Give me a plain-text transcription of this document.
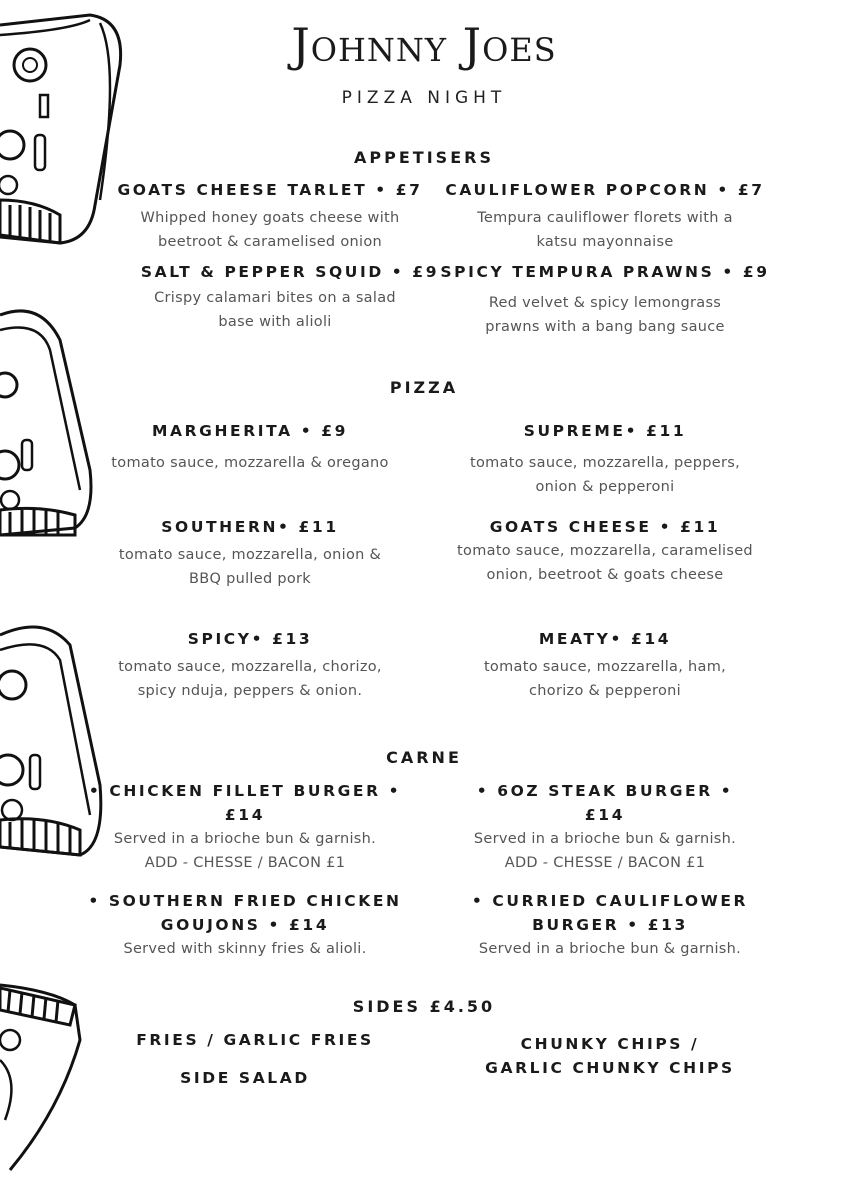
Johnny Joes
PIZZA NIGHT
APPETISERS
GOATS CHEESE TARLET • £7
Whipped honey goats cheese with
beetroot & caramelised onion
CAULIFLOWER POPCORN • £7
Tempura cauliflower florets with a
katsu mayonnaise
SALT & PEPPER SQUID • £9
Crispy calamari bites on a salad
base with alioli
SPICY TEMPURA PRAWNS • £9
Red velvet & spicy lemongrass
prawns with a bang bang sauce
PIZZA
MARGHERITA • £9
tomato sauce, mozzarella & oregano
SUPREME• £11
tomato sauce, mozzarella, peppers,
onion & pepperoni
SOUTHERN• £11
tomato sauce, mozzarella, onion &
BBQ pulled pork
GOATS CHEESE • £11
tomato sauce, mozzarella, caramelised
onion, beetroot & goats cheese
SPICY• £13
tomato sauce, mozzarella, chorizo,
spicy nduja, peppers & onion.
MEATY• £14
tomato sauce, mozzarella, ham,
chorizo & pepperoni
CARNE
• CHICKEN FILLET BURGER •
£14
Served in a brioche bun & garnish.
ADD - CHESSE / BACON £1
• 6OZ STEAK BURGER •
£14
Served in a brioche bun & garnish.
ADD - CHESSE / BACON £1
• SOUTHERN FRIED CHICKEN
GOUJONS • £14
Served with skinny fries & alioli.
• CURRIED CAULIFLOWER
BURGER • £13
Served in a brioche bun & garnish.
SIDES £4.50
FRIES / GARLIC FRIES
SIDE SALAD
CHUNKY CHIPS /
GARLIC CHUNKY CHIPS
